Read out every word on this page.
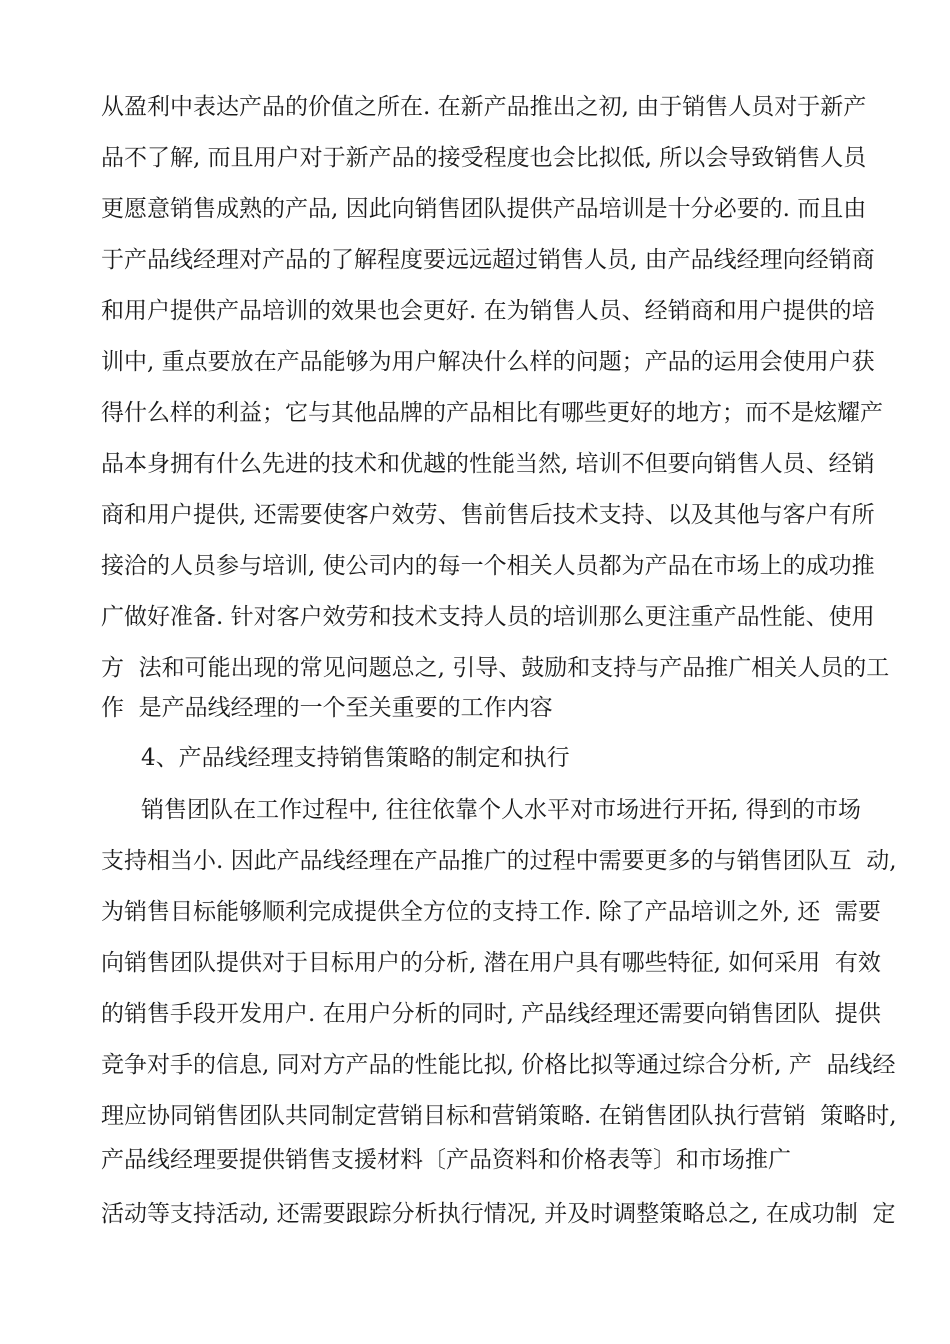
从盈利中表达产品的价值之所在. 在新产品推出之初, 由于销售人员对于新产
品不了解, 而且用户对于新产品的接受程度也会比拟低, 所以会导致销售人员
更愿意销售成熟的产品, 因此向销售团队提供产品培训是十分必要的. 而且由
于产品线经理对产品的了解程度要远远超过销售人员, 由产品线经理向经销商
和用户提供产品培训的效果也会更好. 在为销售人员、经销商和用户提供的培
训中, 重点要放在产品能够为用户解决什么样的问题；产品的运用会使用户获
得什么样的利益；它与其他品牌的产品相比有哪些更好的地方；而不是炫耀产
品本身拥有什么先进的技术和优越的性能当然, 培训不但要向销售人员、经销
商和用户提供, 还需要使客户效劳、售前售后技术支持、以及其他与客户有所
接洽的人员参与培训, 使公司内的每一个相关人员都为产品在市场上的成功推
广做好准备. 针对客户效劳和技术支持人员的培训那么更注重产品性能、使用
方  法和可能出现的常见问题总之, 引导、鼓励和支持与产品推广相关人员的工
作  是产品线经理的一个至关重要的工作内容
4、产品线经理支持销售策略的制定和执行
销售团队在工作过程中, 往往依靠个人水平对市场进行开拓, 得到的市场
支持相当小. 因此产品线经理在产品推广的过程中需要更多的与销售团队互  动,
为销售目标能够顺利完成提供全方位的支持工作. 除了产品培训之外, 还  需要
向销售团队提供对于目标用户的分析, 潜在用户具有哪些特征, 如何采用  有效
的销售手段开发用户. 在用户分析的同时, 产品线经理还需要向销售团队  提供
竞争对手的信息, 同对方产品的性能比拟, 价格比拟等通过综合分析, 产  品线经
理应协同销售团队共同制定营销目标和营销策略. 在销售团队执行营销  策略时,
产品线经理要提供销售支援材料〔产品资料和价格表等〕和市场推广
活动等支持活动, 还需要跟踪分析执行情况, 并及时调整策略总之, 在成功制  定
